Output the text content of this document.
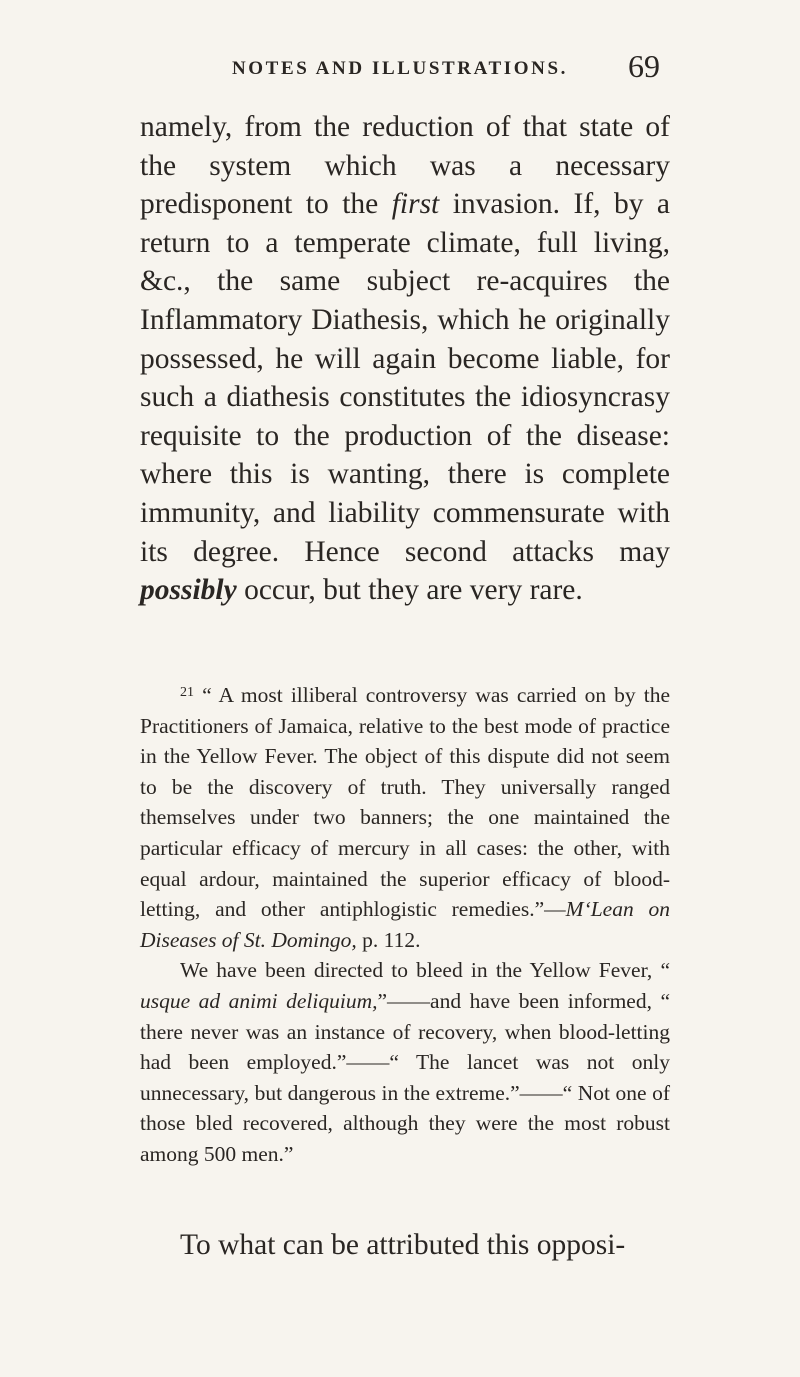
NOTES AND ILLUSTRATIONS.	69

namely, from the reduction of that state of the system which was a necessary predisponent to the first invasion. If, by a return to a temperate climate, full living, &c., the same subject re-acquires the Inflammatory Diathesis, which he originally possessed, he will again become liable, for such a diathesis constitutes the idiosyncrasy requisite to the production of the disease: where this is wanting, there is complete immunity, and liability commensurate with its degree. Hence second attacks may possibly occur, but they are very rare.

$^{21}$ “ A most illiberal controversy was carried on by the Practitioners of Jamaica, relative to the best mode of practice in the Yellow Fever. The object of this dispute did not seem to be the discovery of truth. They universally ranged themselves under two banners; the one maintained the particular efficacy of mercury in all cases: the other, with equal ardour, maintained the superior efficacy of blood-letting, and other antiphlogistic remedies.”—M‘Lean on Diseases of St. Domingo, p. 112.
We have been directed to bleed in the Yellow Fever, “ usque ad animi deliquium,”——and have been informed, “ there never was an instance of recovery, when blood-letting had been employed.”——“ The lancet was not only unnecessary, but dangerous in the extreme.”——“ Not one of those bled recovered, although they were the most robust among 500 men.”

To what can be attributed this opposi-
